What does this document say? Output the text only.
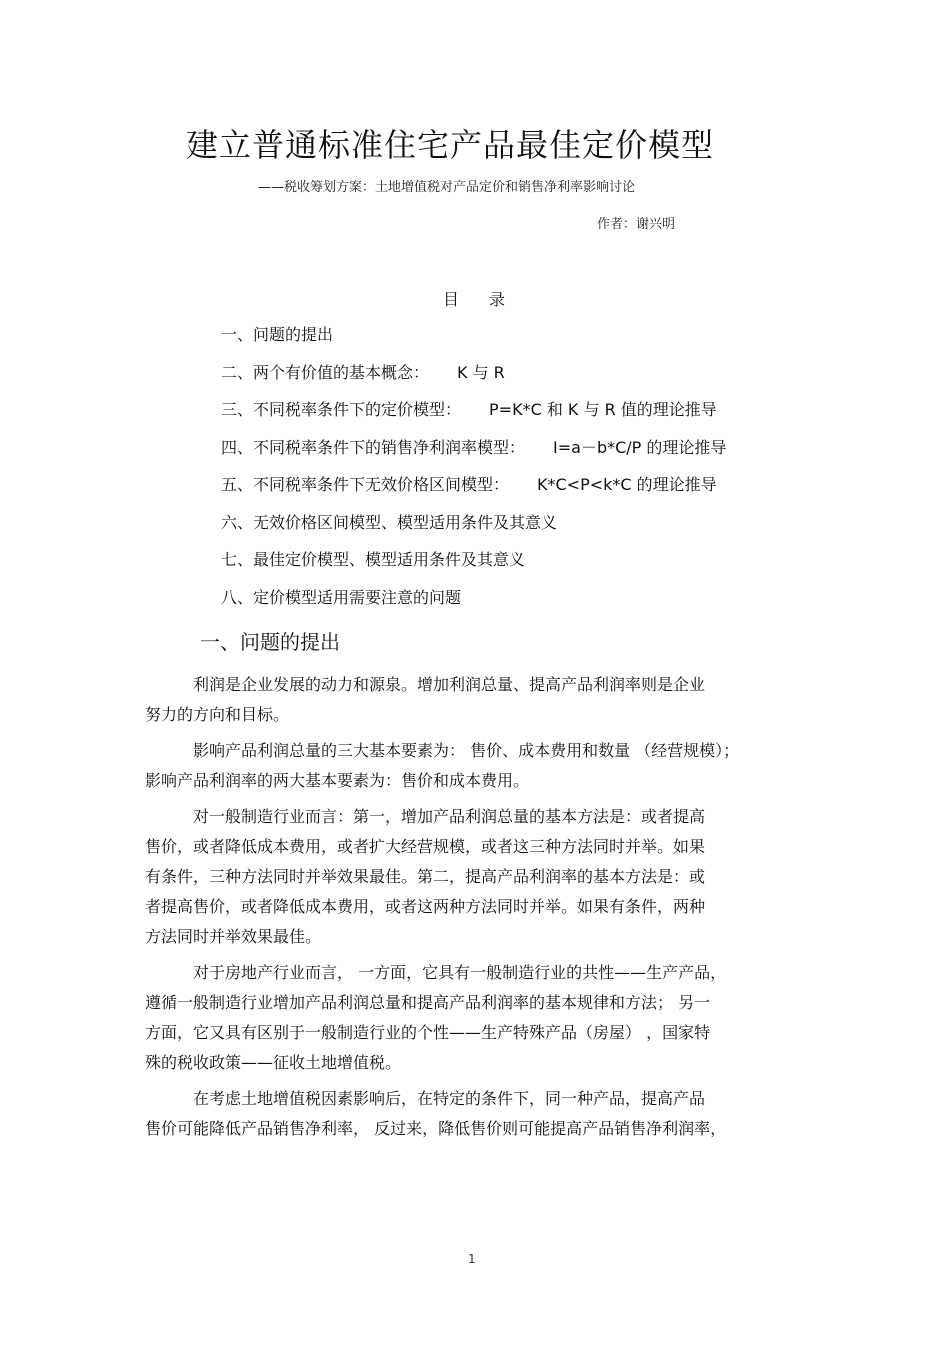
建立普通标准住宅产品最佳定价模型
——税收筹划方案：土地增值税对产品定价和销售净利率影响讨论
作者：谢兴明
目 录
一、问题的提出
二、两个有价值的基本概念： K 与 R
三、不同税率条件下的定价模型： P=K*C 和 K 与 R 值的理论推导
四、不同税率条件下的销售净利润率模型： I=a－b*C/P 的理论推导
五、不同税率条件下无效价格区间模型： K*C<P<k*C 的理论推导
六、无效价格区间模型、模型适用条件及其意义
七、最佳定价模型、模型适用条件及其意义
八、定价模型适用需要注意的问题
一、问题的提出

利润是企业发展的动力和源泉。增加利润总量、提高产品利润率则是企业
努力的方向和目标。

影响产品利润总量的三大基本要素为： 售价、成本费用和数量 （经营规模）；
影响产品利润率的两大基本要素为：售价和成本费用。

对一般制造行业而言：第一，增加产品利润总量的基本方法是：或者提高
售价，或者降低成本费用，或者扩大经营规模，或者这三种方法同时并举。如果
有条件，三种方法同时并举效果最佳。第二，提高产品利润率的基本方法是：或
者提高售价，或者降低成本费用，或者这两种方法同时并举。如果有条件，两种
方法同时并举效果最佳。

对于房地产行业而言， 一方面，它具有一般制造行业的共性——生产产品，
遵循一般制造行业增加产品利润总量和提高产品利润率的基本规律和方法； 另一
方面，它又具有区别于一般制造行业的个性——生产特殊产品（房屋） ，国家特
殊的税收政策——征收土地增值税。

在考虑土地增值税因素影响后，在特定的条件下，同一种产品，提高产品
售价可能降低产品销售净利率， 反过来，降低售价则可能提高产品销售净利润率，

1
